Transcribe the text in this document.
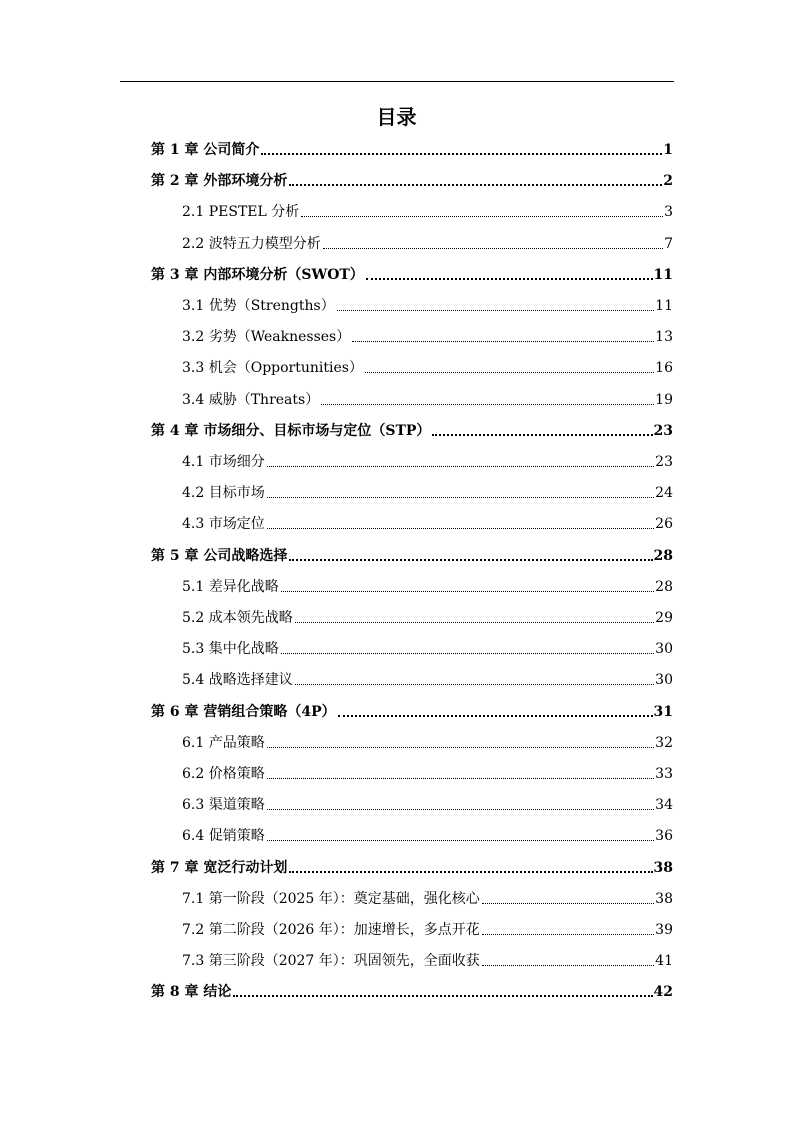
目录
第 1 章 公司简介	1
第 2 章 外部环境分析	2
2.1 PESTEL 分析	3
2.2 波特五力模型分析	7
第 3 章 内部环境分析（SWOT）	11
3.1 优势（Strengths）	11
3.2 劣势（Weaknesses）	13
3.3 机会（Opportunities）	16
3.4 威胁（Threats）	19
第 4 章 市场细分、目标市场与定位（STP）	23
4.1 市场细分	23
4.2 目标市场	24
4.3 市场定位	26
第 5 章 公司战略选择	28
5.1 差异化战略	28
5.2 成本领先战略	29
5.3 集中化战略	30
5.4 战略选择建议	30
第 6 章 营销组合策略（4P）	31
6.1 产品策略	32
6.2 价格策略	33
6.3 渠道策略	34
6.4 促销策略	36
第 7 章 宽泛行动计划	38
7.1 第一阶段（2025 年）：奠定基础，强化核心	38
7.2 第二阶段（2026 年）：加速增长，多点开花	39
7.3 第三阶段（2027 年）：巩固领先，全面收获	41
第 8 章 结论	42
